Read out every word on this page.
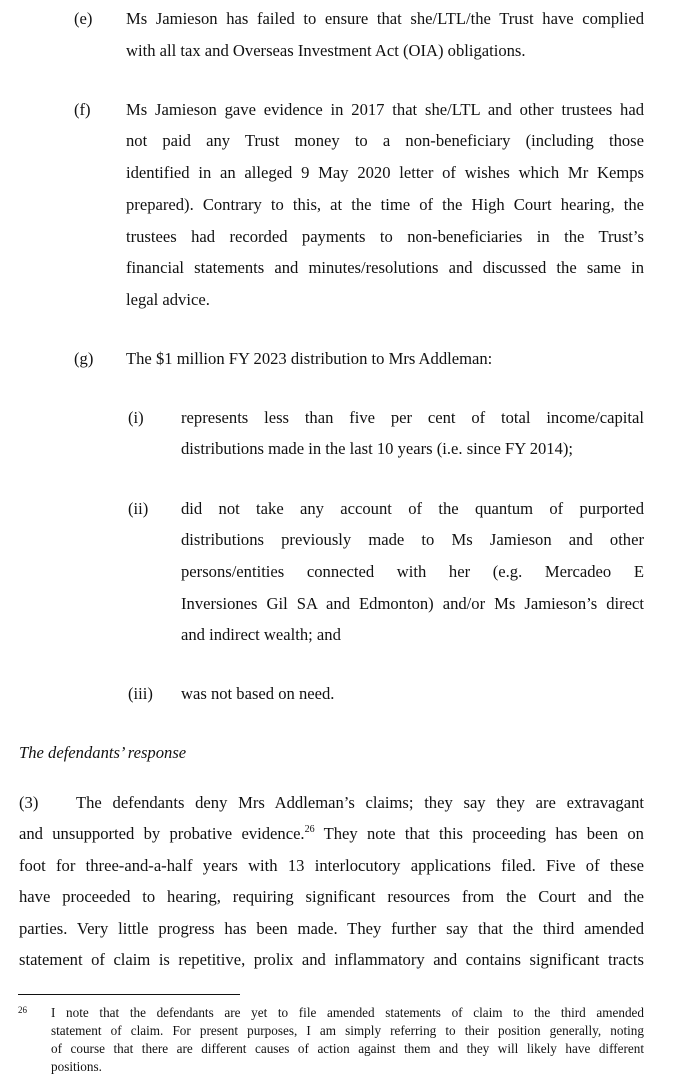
(e) Ms Jamieson has failed to ensure that she/LTL/the Trust have complied
with all tax and Overseas Investment Act (OIA) obligations.
(f) Ms Jamieson gave evidence in 2017 that she/LTL and other trustees had
not paid any Trust money to a non-beneficiary (including those
identified in an alleged 9 May 2020 letter of wishes which Mr Kemps
prepared). Contrary to this, at the time of the High Court hearing, the
trustees had recorded payments to non-beneficiaries in the Trust’s
financial statements and minutes/resolutions and discussed the same in
legal advice.
(g) The $1 million FY 2023 distribution to Mrs Addleman:
(i) represents less than five per cent of total income/capital
distributions made in the last 10 years (i.e. since FY 2014);
(ii) did not take any account of the quantum of purported
distributions previously made to Ms Jamieson and other
persons/entities connected with her (e.g. Mercadeo E
Inversiones Gil SA and Edmonton) and/or Ms Jamieson’s direct
and indirect wealth; and
(iii) was not based on need.
The defendants’ response
(3) The defendants deny Mrs Addleman’s claims; they say they are extravagant
and unsupported by probative evidence.$^{26}$ They note that this proceeding has been on
foot for three-and-a-half years with 13 interlocutory applications filed. Five of these
have proceeded to hearing, requiring significant resources from the Court and the
parties. Very little progress has been made. They further say that the third amended
statement of claim is repetitive, prolix and inflammatory and contains significant tracts
26 I note that the defendants are yet to file amended statements of claim to the third amended
statement of claim. For present purposes, I am simply referring to their position generally, noting
of course that there are different causes of action against them and they will likely have different
positions.
